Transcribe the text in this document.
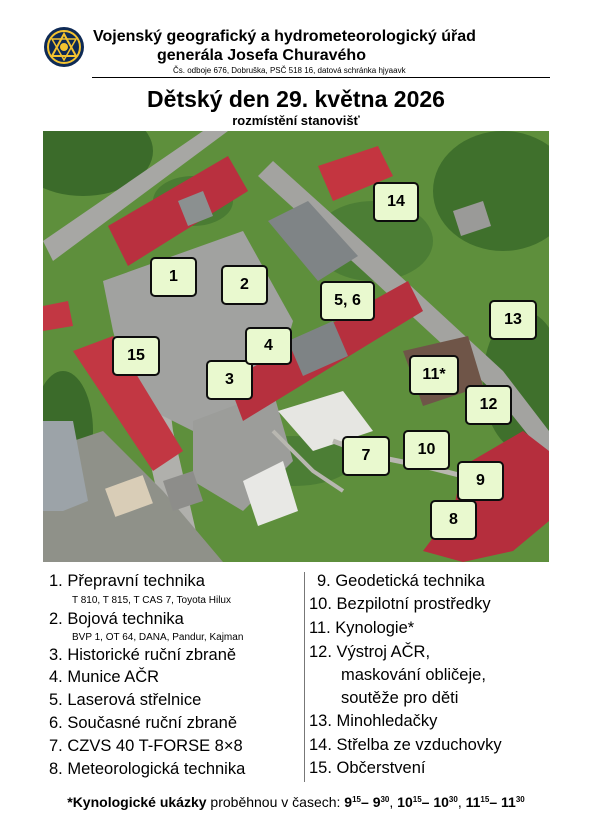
Vojenský geografický a hydrometeorologický úřad
generála Josefa Churavého
Čs. odboje 676, Dobruška, PSČ 518 16, datová schránka hjyaavk
Dětský den 29. května 2026
rozmístění stanovišť
1	2
3
4
5, 6
7
8
9
10
11*
12
13
14
15
1. Přepravní technika
T 810, T 815, T CAS 7, Toyota Hilux
2. Bojová technika
BVP 1, OT 64, DANA, Pandur, Kajman
3. Historické ruční zbraně
4. Munice AČR
5. Laserová střelnice
6. Současné ruční zbraně
7. CZVS 40 T-FORSE 8×8
8. Meteorologická technika
9. Geodetická technika
10. Bezpilotní prostředky
11. Kynologie*
12. Výstroj AČR,
maskování obličeje,
soutěže pro děti
13. Minohledačky
14. Střelba ze vzduchovky
15. Občerstvení
*Kynologické ukázky proběhnou v časech: $9^{15}-$ $9^{30}$, $10^{15}-$ $10^{30}$, $11^{15}-$ $11^{30}$
